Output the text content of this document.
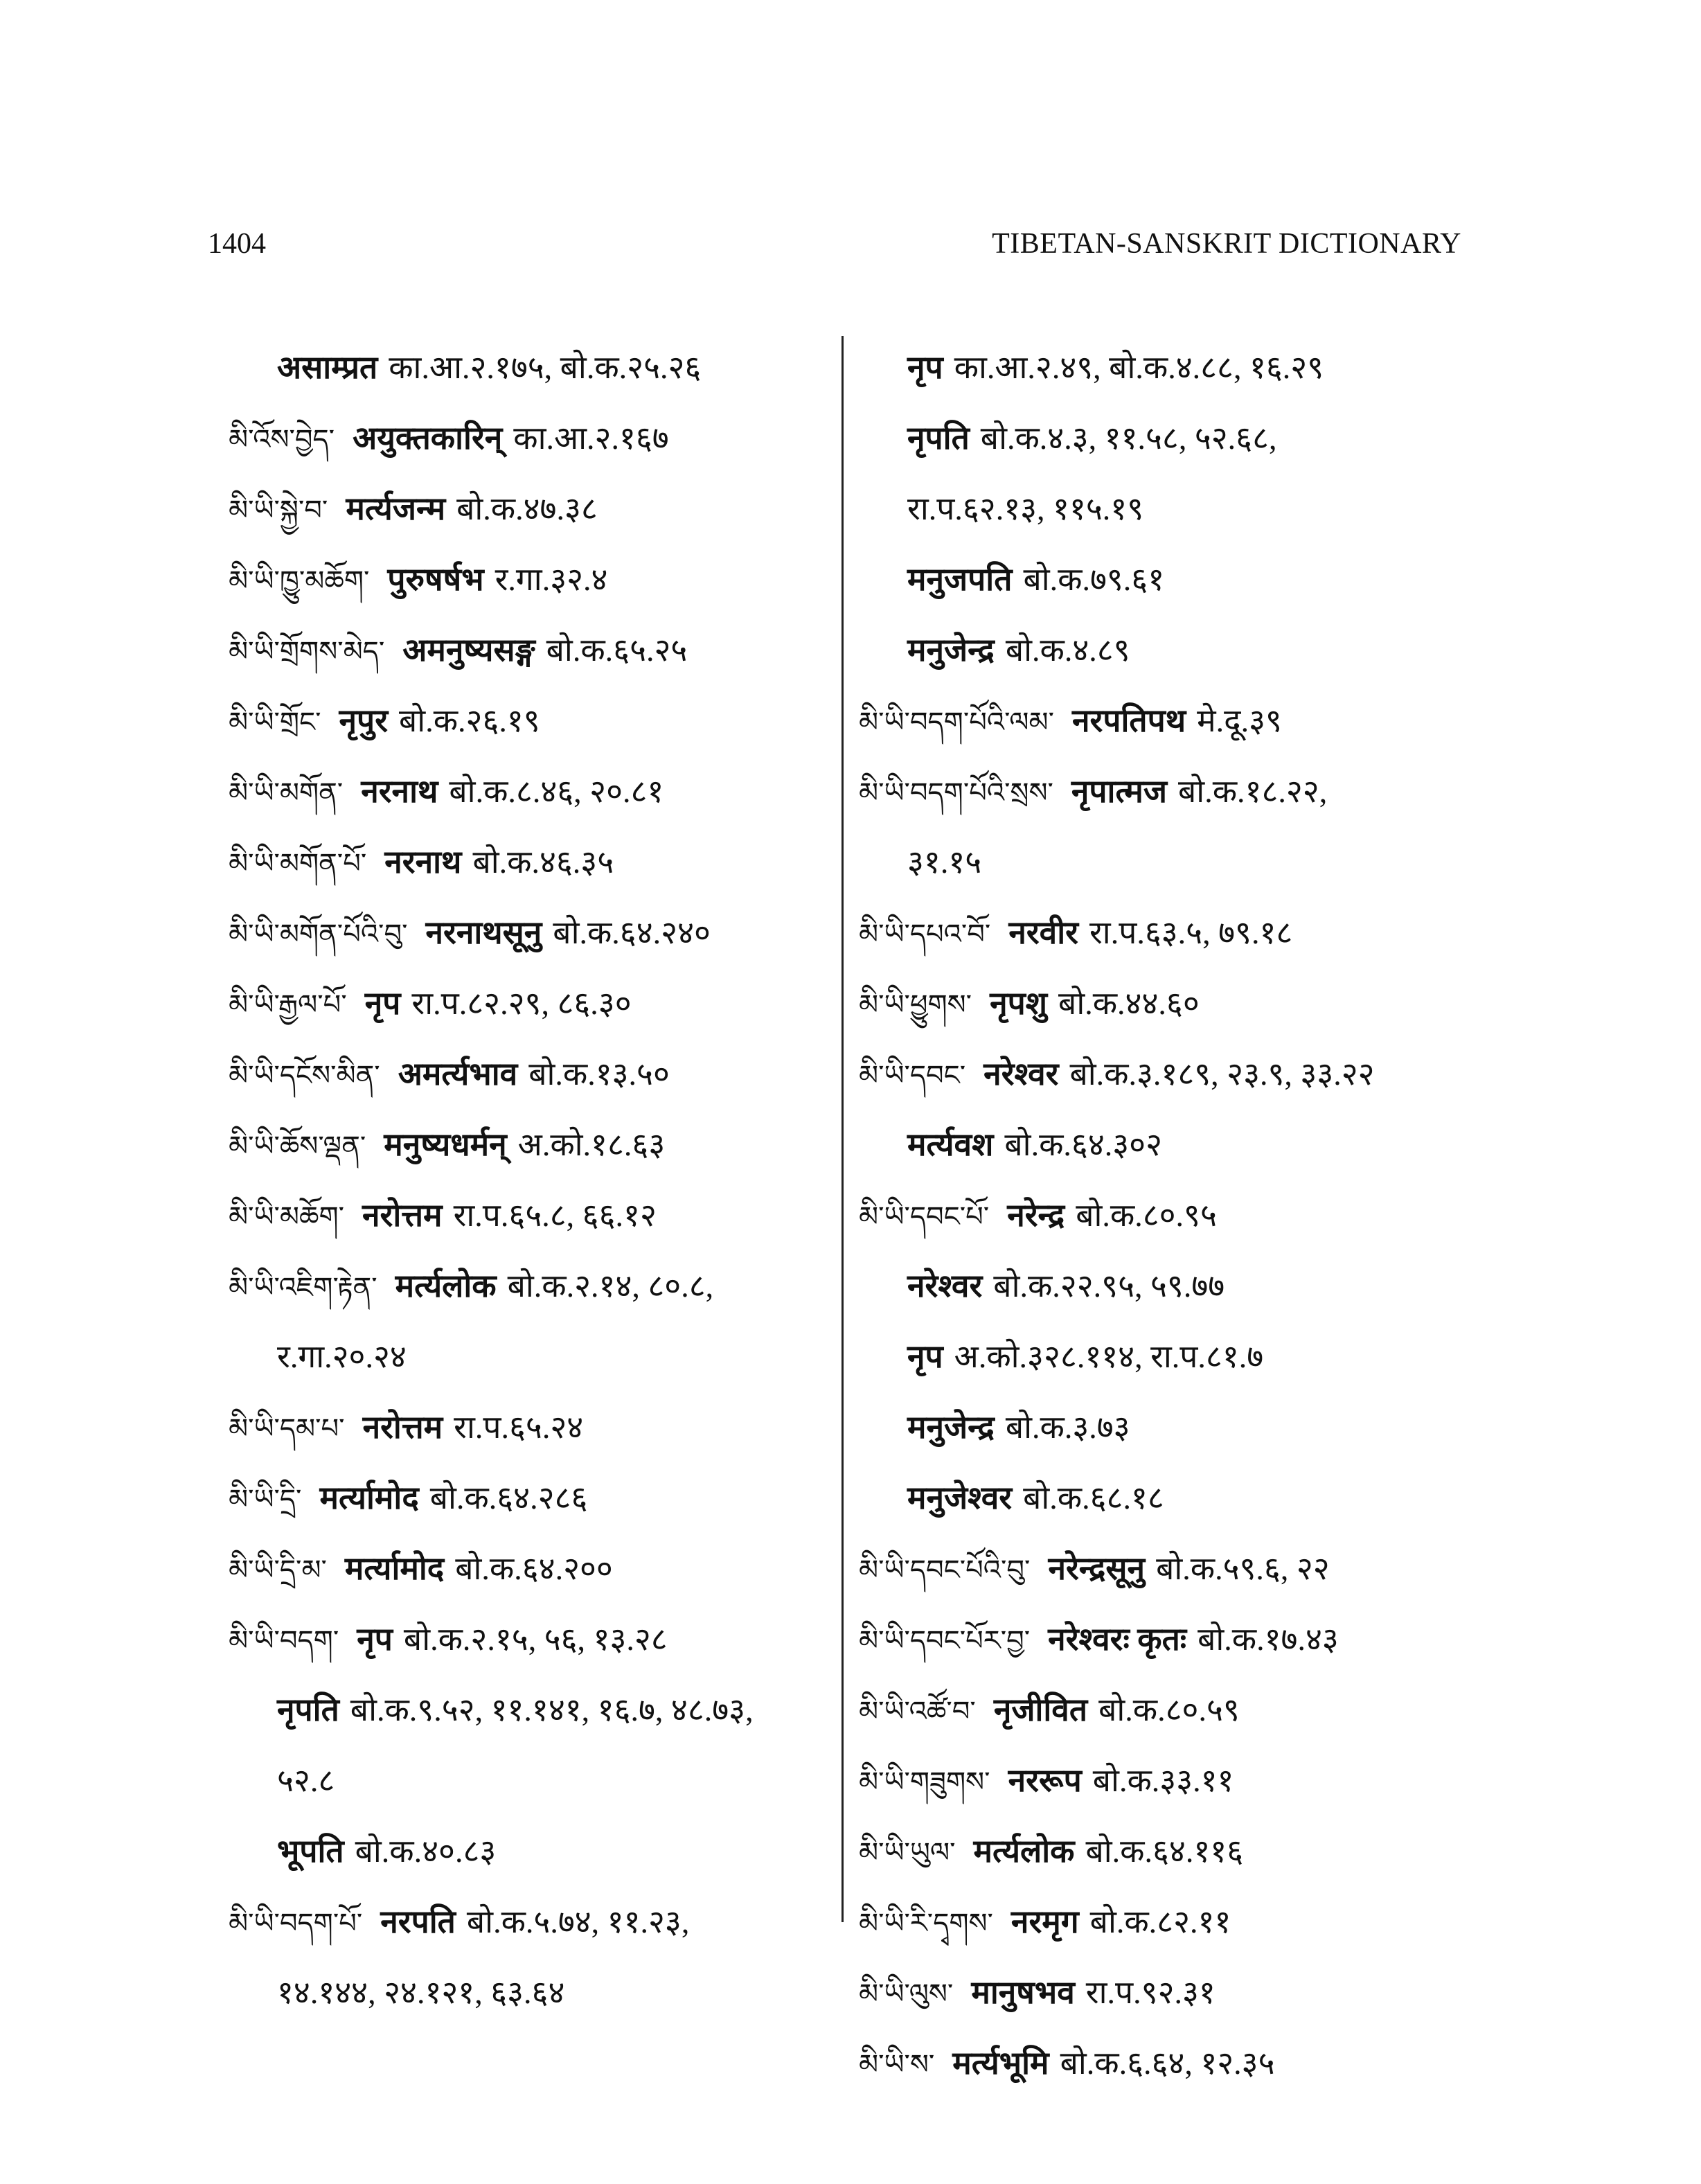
1404	TIBETAN-SANSKRIT DICTIONARY
असाम्प्रत का.आ.२.१७५, बो.क.२५.२६
མི་འོས་བྱེད་ अयुक्तकारिन् का.आ.२.१६७
མི་ཡི་སྐྱེ་བ་ मर्त्यजन्म बो.क.४७.३८
མི་ཡི་ཁྱུ་མཆོག་ पुरुषर्षभ र.गा.३२.४
མི་ཡི་གྲོགས་མེད་ अमनुष्यसङ्ग बो.क.६५.२५
མི་ཡི་གྲོང་ नृपुर बो.क.२६.१९
མི་ཡི་མགོན་ नरनाथ बो.क.८.४६, २०.८१
མི་ཡི་མགོན་པོ་ नरनाथ बो.क.४६.३५
མི་ཡི་མགོན་པོའི་བུ་ नरनाथसूनु बो.क.६४.२४०
མི་ཡི་རྒྱལ་པོ་ नृप रा.प.८२.२९, ८६.३०
མི་ཡི་དངོས་མིན་ अमर्त्यभाव बो.क.१३.५०
མི་ཡི་ཆོས་ལྡན་ मनुष्यधर्मन् अ.को.१८.६३
མི་ཡི་མཆོག་ नरोत्तम रा.प.६५.८, ६६.१२
མི་ཡི་འཇིག་རྟེན་ मर्त्यलोक बो.क.२.१४, ८०.८,
र.गा.२०.२४
མི་ཡི་དམ་པ་ नरोत्तम रा.प.६५.२४
མི་ཡི་དྲི་ मर्त्यामोद बो.क.६४.२८६
མི་ཡི་དྲི་མ་ मर्त्यामोद बो.क.६४.२००
མི་ཡི་བདག་ नृप बो.क.२.१५, ५६, १३.२८
नृपति बो.क.९.५२, ११.१४१, १६.७, ४८.७३,
५२.८
भूपति बो.क.४०.८३
མི་ཡི་བདག་པོ་ नरपति बो.क.५.७४, ११.२३,
१४.१४४, २४.१२१, ६३.६४
नृप का.आ.२.४९, बो.क.४.८८, १६.२९
नृपति बो.क.४.३, ११.५८, ५२.६८,
रा.प.६२.१३, ११५.१९
मनुजपति बो.क.७९.६१
मनुजेन्द्र बो.क.४.८९
མི་ཡི་བདག་པོའི་ལམ་ नरपतिपथ मे.दू.३९
མི་ཡི་བདག་པོའི་སྲས་ नृपात्मज बो.क.१८.२२,
३१.१५
མི་ཡི་དཔའ་བོ་ नरवीर रा.प.६३.५, ७९.१८
མི་ཡི་ཕྱུགས་ नृपशु बो.क.४४.६०
མི་ཡི་དབང་ नरेश्वर बो.क.३.१८९, २३.९, ३३.२२
मर्त्यवश बो.क.६४.३०२
མི་ཡི་དབང་པོ་ नरेन्द्र बो.क.८०.९५
नरेश्वर बो.क.२२.९५, ५९.७७
नृप अ.को.३२८.११४, रा.प.८१.७
मनुजेन्द्र बो.क.३.७३
मनुजेश्वर बो.क.६८.१८
མི་ཡི་དབང་པོའི་བུ་ नरेन्द्रसूनु बो.क.५९.६, २२
མི་ཡི་དབང་པོར་བྱ་ नरेश्वरः कृतः बो.क.१७.४३
མི་ཡི་འཚོ་བ་ नृजीवित बो.क.८०.५९
མི་ཡི་གཟུགས་ नररूप बो.क.३३.११
མི་ཡི་ཡུལ་ मर्त्यलोक बो.क.६४.११६
མི་ཡི་རི་དྭགས་ नरमृग बो.क.८२.११
མི་ཡི་ལུས་ मानुषभव रा.प.९२.३१
མི་ཡི་ས་ मर्त्यभूमि बो.क.६.६४, १२.३५
